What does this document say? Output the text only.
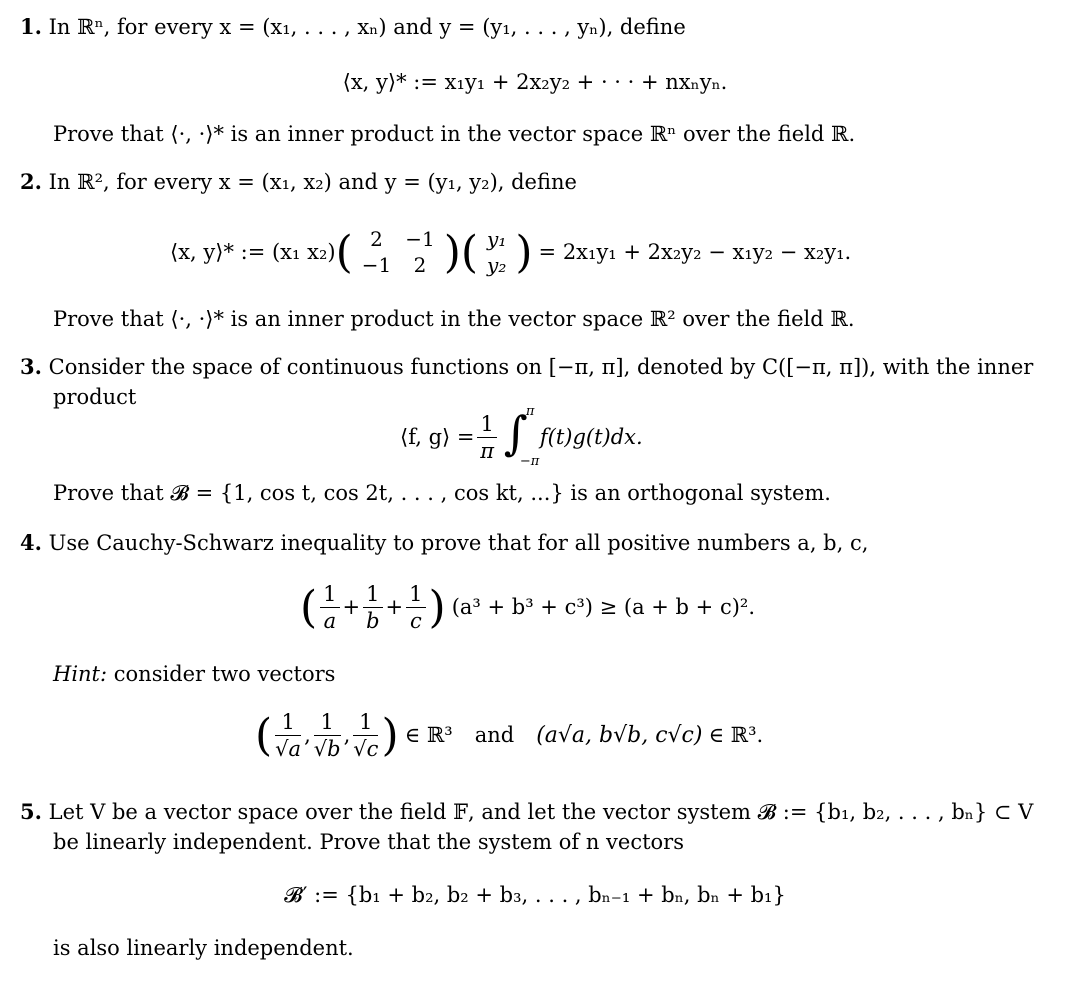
1. In ℝⁿ, for every x = (x₁, . . . , xₙ) and y = (y₁, . . . , yₙ), define
⟨x, y⟩* := x₁y₁ + 2x₂y₂ + · · · + nxₙyₙ.
Prove that ⟨·, ·⟩* is an inner product in the vector space ℝⁿ over the field ℝ.
2. In ℝ², for every x = (x₁, x₂) and y = (y₁, y₂), define
⟨x, y⟩* := (x₁ x₂) ( 2	−1
−1	2 ) ( y₁
y₂ ) = 2x₁y₁ + 2x₂y₂ − x₁y₂ − x₂y₁.
Prove that ⟨·, ·⟩* is an inner product in the vector space ℝ² over the field ℝ.
3. Consider the space of continuous functions on [−π, π], denoted by C([−π, π]), with the inner
product
⟨f, g⟩ = $\frac{1}{\pi}$ ∫
π
−π
f(t)g(t)dx.
Prove that 𝓑 = {1, cos t, cos 2t, . . . , cos kt, ...} is an orthogonal system.
4. Use Cauchy-Schwarz inequality to prove that for all positive numbers a, b, c,
( $\frac{1}{a} + \frac{1}{b} + \frac{1}{c}$ ) (a³ + b³ + c³) ≥ (a + b + c)².
Hint: consider two vectors
( $\frac{1}{√a}$ , $\frac{1}{√b}$ , $\frac{1}{√c}$ ) ∈ ℝ³ and (a√a, b√b, c√c) ∈ ℝ³.
5. Let V be a vector space over the field 𝔽, and let the vector system 𝓑 := {b₁, b₂, . . . , bₙ} ⊂ V
be linearly independent. Prove that the system of n vectors
𝓑′ := {b₁ + b₂, b₂ + b₃, . . . , bₙ₋₁ + bₙ, bₙ + b₁}
is also linearly independent.
